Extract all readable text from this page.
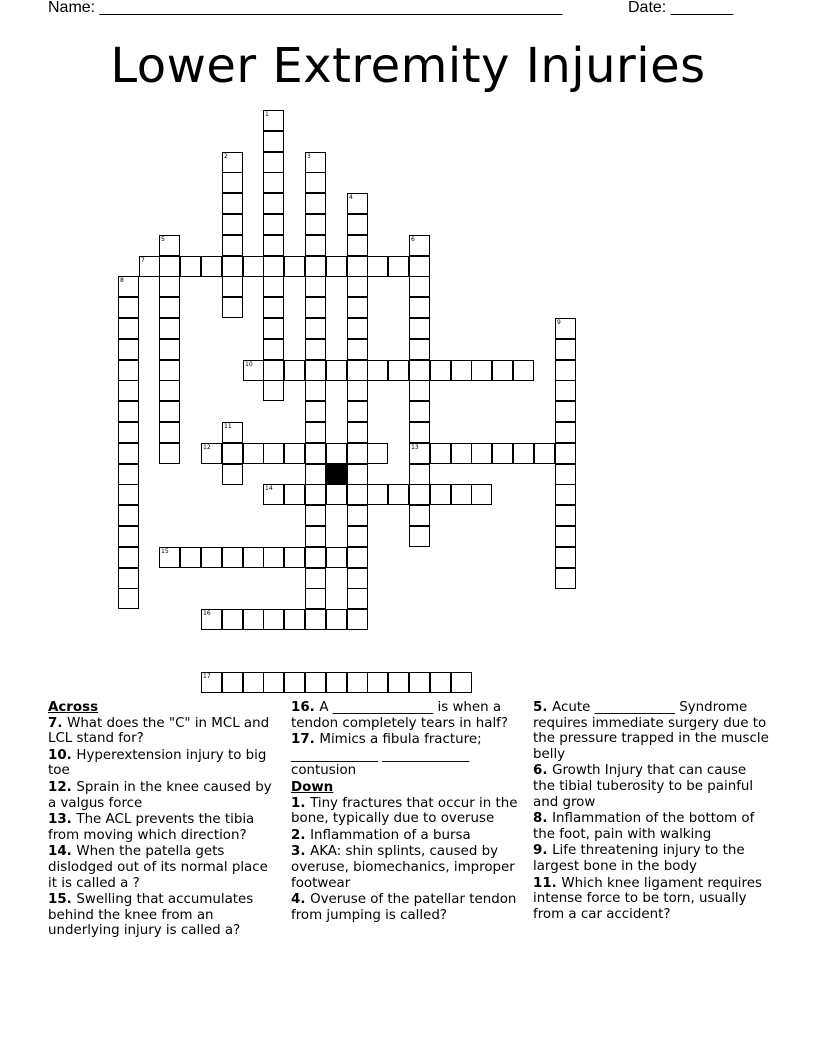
Name: ____________________________________________________	Date: _______
Lower Extremity Injuries
1
2	3
4
5	6
13
7
8
9
10
11
12
14
15
16
17
Across
7. What does the "C" in MCL and LCL stand for?
10. Hyperextension injury to big toe
12. Sprain in the knee caused by a valgus force
13. The ACL prevents the tibia from moving which direction?
14. When the patella gets dislodged out of its normal place it is called a ?
15. Swelling that accumulates behind the knee from an underlying injury is called a?
16. A _______________ is when a tendon completely tears in half?
17. Mimics a fibula fracture; _____________ _____________ contusion
Down
1. Tiny fractures that occur in the bone, typically due to overuse
2. Inflammation of a bursa
3. AKA: shin splints, caused by overuse, biomechanics, improper footwear
4. Overuse of the patellar tendon from jumping is called?
5. Acute ____________ Syndrome requires immediate surgery due to the pressure trapped in the muscle belly
6. Growth Injury that can cause the tibial tuberosity to be painful and grow
8. Inflammation of the bottom of the foot, pain with walking
9. Life threatening injury to the largest bone in the body
11. Which knee ligament requires intense force to be torn, usually from a car accident?
